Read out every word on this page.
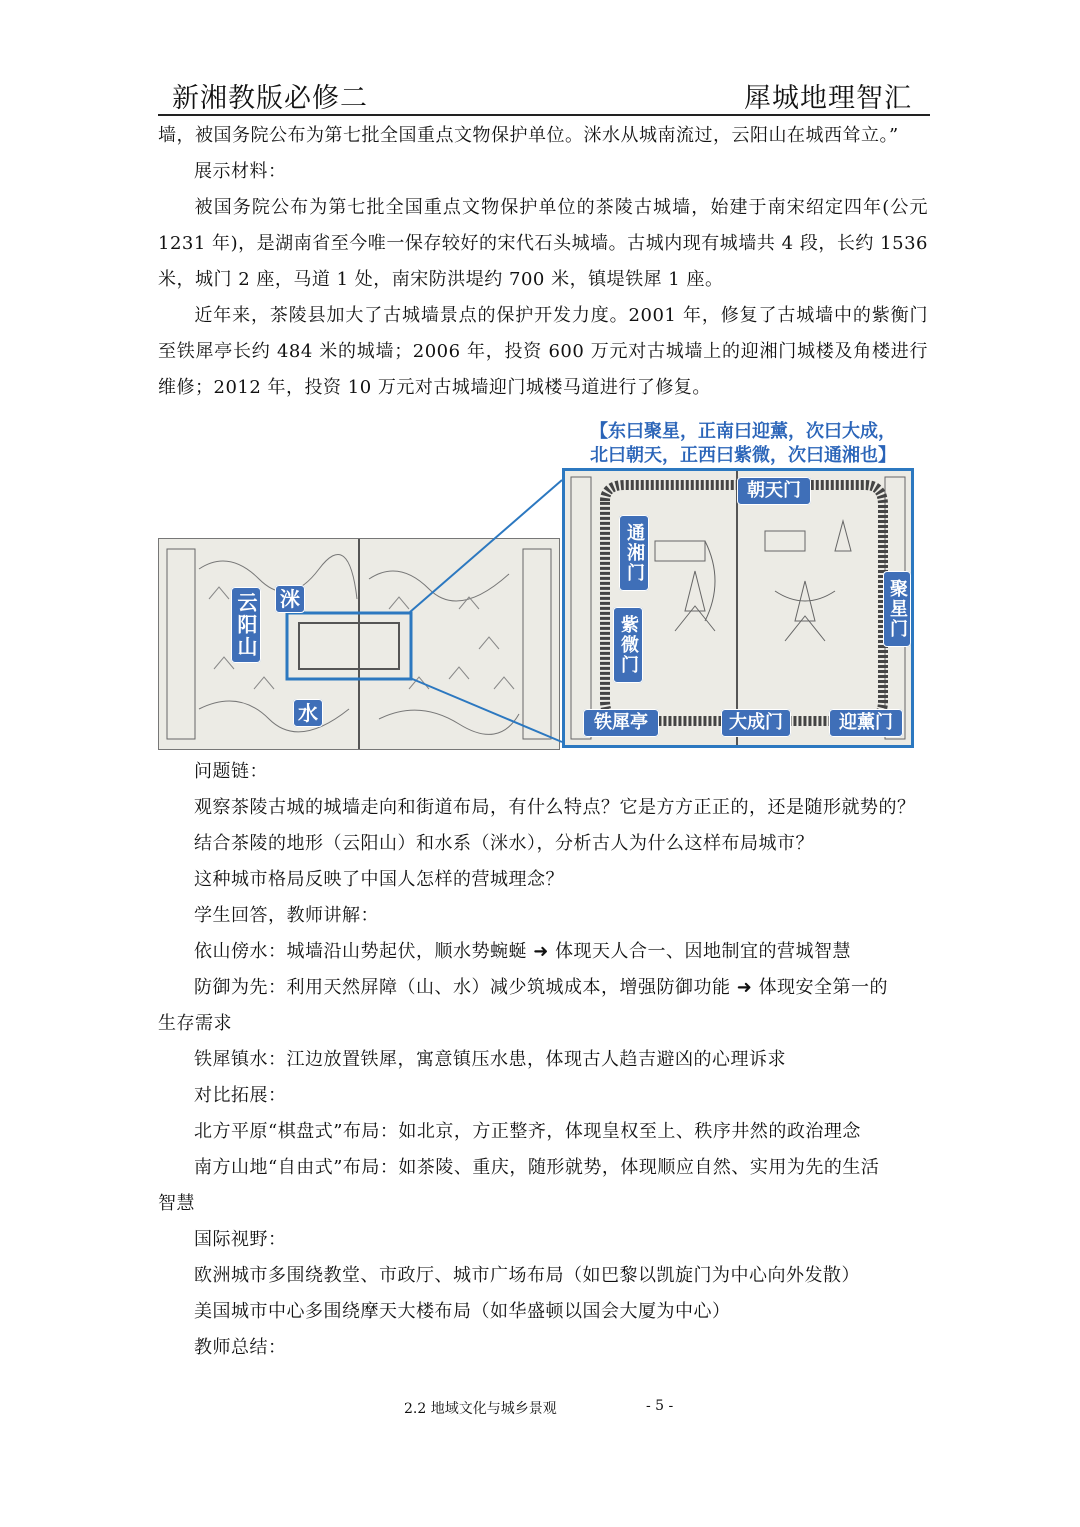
新湘教版必修二	犀城地理智汇
墙，被国务院公布为第七批全国重点文物保护单位。洣水从城南流过，云阳山在城西耸立。”
展示材料：
被国务院公布为第七批全国重点文物保护单位的茶陵古城墙，始建于南宋绍定四年(公元1231 年)，是湖南省至今唯一保存较好的宋代石头城墙。古城内现有城墙共 4 段，长约 1536米，城门 2 座，马道 1 处，南宋防洪堤约 700 米，镇堤铁犀 1 座。
近年来，茶陵县加大了古城墙景点的保护开发力度。2001 年，修复了古城墙中的紫衡门至铁犀亭长约 484 米的城墙；2006 年，投资 600 万元对古城墙上的迎湘门城楼及角楼进行维修；2012 年，投资 10 万元对古城墙迎门城楼马道进行了修复。
洣
云阳山
水
朝天门
通湘门
紫微门
聚星门
铁犀亭	大成门	迎薰门
【东曰聚星，正南曰迎薰，次曰大成，
北曰朝天，正西曰紫微，次曰通湘也】
问题链：
观察茶陵古城的城墙走向和街道布局，有什么特点？它是方方正正的，还是随形就势的？
结合茶陵的地形（云阳山）和水系（洣水），分析古人为什么这样布局城市？
这种城市格局反映了中国人怎样的营城理念？
学生回答，教师讲解：
依山傍水：城墙沿山势起伏，顺水势蜿蜒 ➜ 体现天人合一、因地制宜的营城智慧
防御为先：利用天然屏障（山、水）减少筑城成本，增强防御功能 ➜ 体现安全第一的
生存需求
铁犀镇水：江边放置铁犀，寓意镇压水患，体现古人趋吉避凶的心理诉求
对比拓展：
北方平原“棋盘式”布局：如北京，方正整齐，体现皇权至上、秩序井然的政治理念
南方山地“自由式”布局：如茶陵、重庆，随形就势，体现顺应自然、实用为先的生活
智慧
国际视野：
欧洲城市多围绕教堂、市政厅、城市广场布局（如巴黎以凯旋门为中心向外发散）
美国城市中心多围绕摩天大楼布局（如华盛顿以国会大厦为中心）
教师总结：
2.2 地域文化与城乡景观	- 5 -
